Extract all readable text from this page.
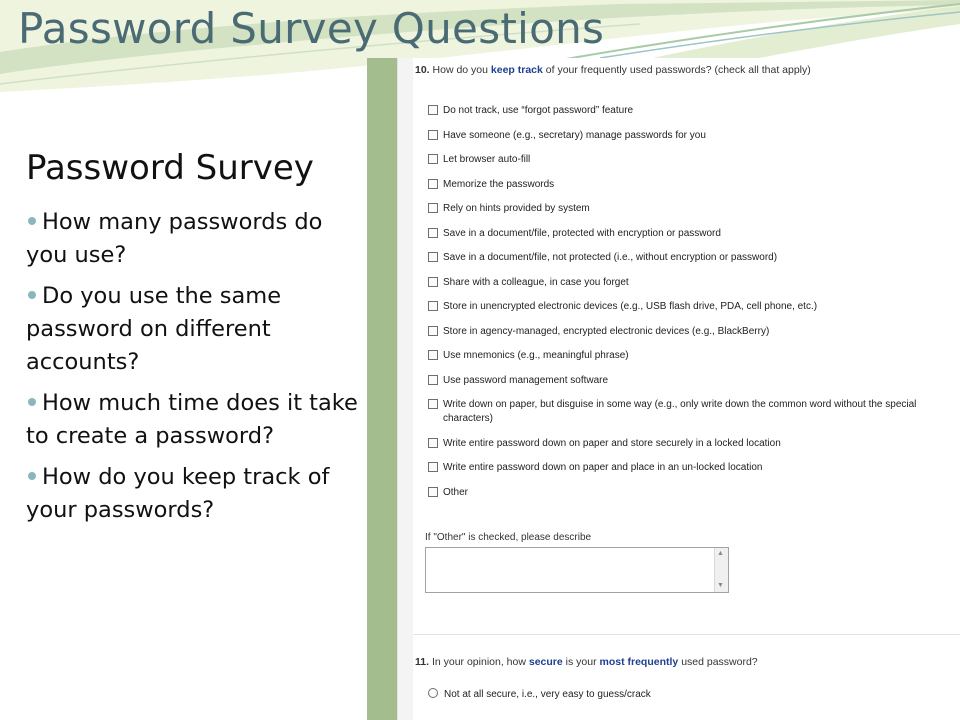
Password Survey Questions
Password Survey
How many passwords do you use?
Do you use the same password on different accounts?
How much time does it take to create a password?
How do you keep track of your passwords?
10. How do you keep track of your frequently used passwords? (check all that apply)
Do not track, use “forgot password” feature
Have someone (e.g., secretary) manage passwords for you
Let browser auto-fill
Memorize the passwords
Rely on hints provided by system
Save in a document/file, protected with encryption or password
Save in a document/file, not protected (i.e., without encryption or password)
Share with a colleague, in case you forget
Store in unencrypted electronic devices (e.g., USB flash drive, PDA, cell phone, etc.)
Store in agency-managed, encrypted electronic devices (e.g., BlackBerry)
Use mnemonics (e.g., meaningful phrase)
Use password management software
Write down on paper, but disguise in some way (e.g., only write down the common word without the special characters)
Write entire password down on paper and store securely in a locked location
Write entire password down on paper and place in an un-locked location
Other
If "Other" is checked, please describe
▲
▼
11. In your opinion, how secure is your most frequently used password?
Not at all secure, i.e., very easy to guess/crack
